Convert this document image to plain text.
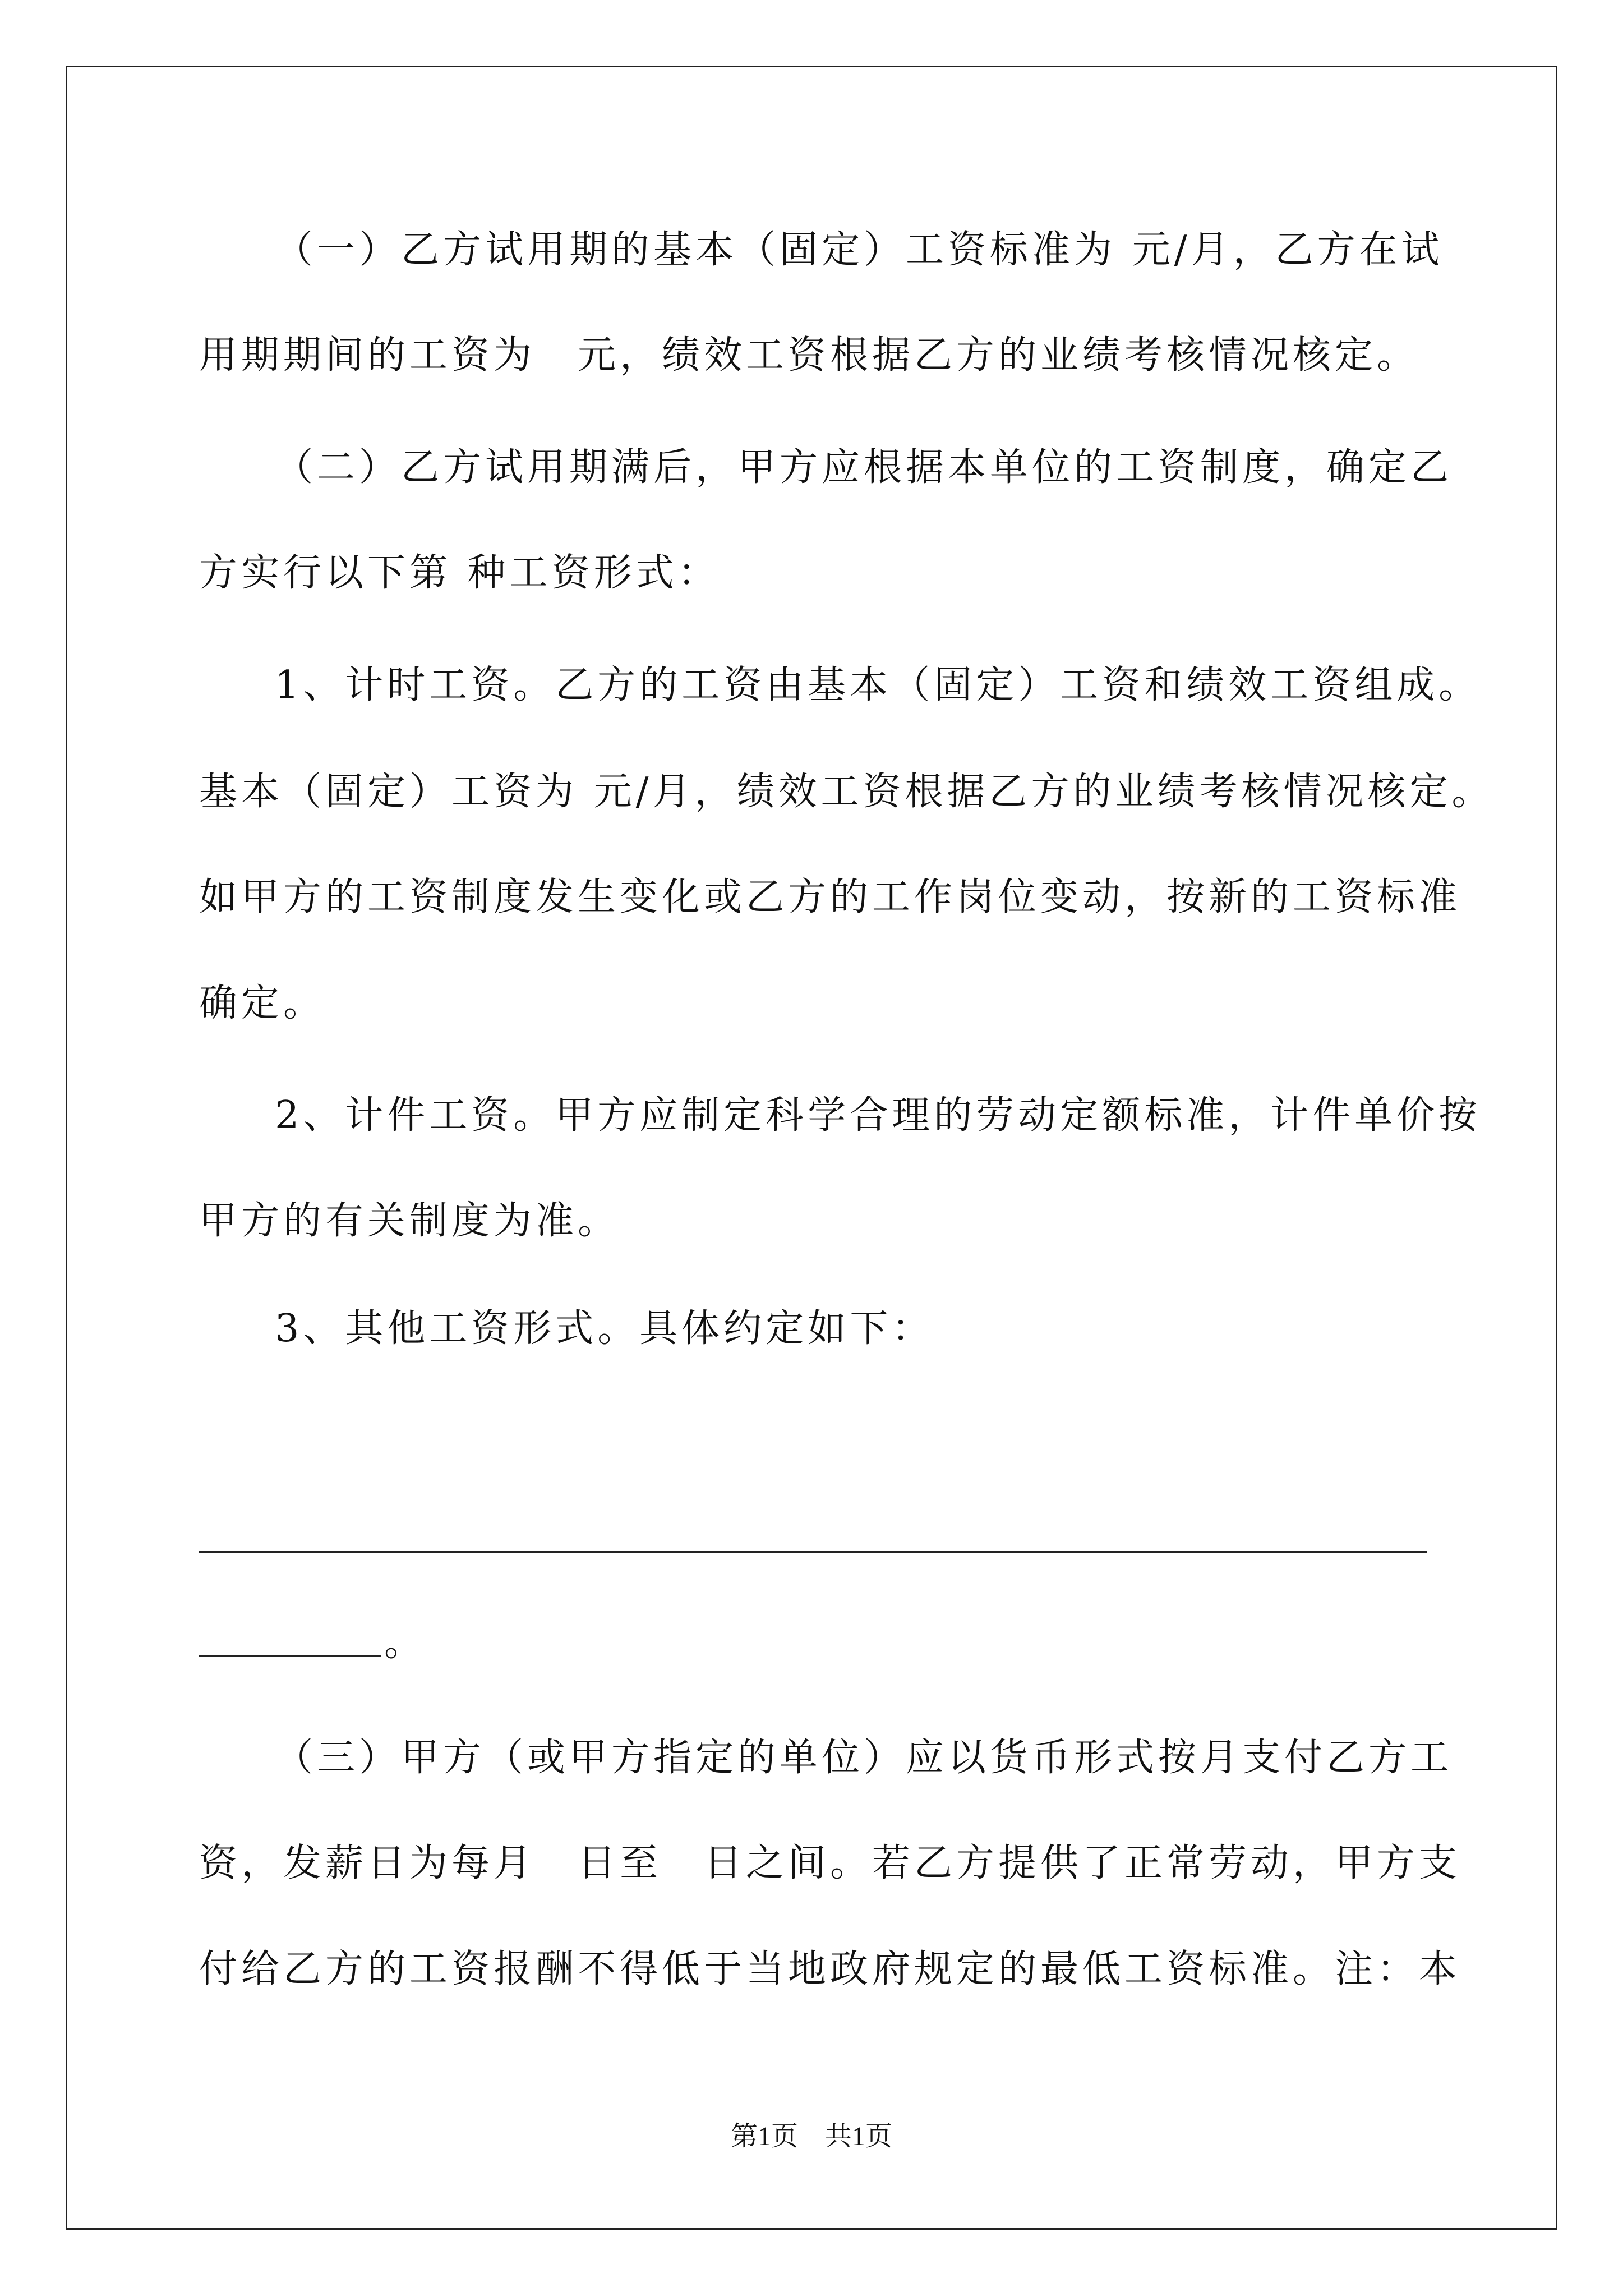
（一）乙方试用期的基本（固定）工资标准为 元/月，乙方在试
用期期间的工资为　元，绩效工资根据乙方的业绩考核情况核定。
（二）乙方试用期满后，甲方应根据本单位的工资制度，确定乙
方实行以下第 种工资形式：
1、计时工资。乙方的工资由基本（固定）工资和绩效工资组成。
基本（固定）工资为 元/月，绩效工资根据乙方的业绩考核情况核定。
如甲方的工资制度发生变化或乙方的工作岗位变动，按新的工资标准
确定。
2、计件工资。甲方应制定科学合理的劳动定额标准，计件单价按
甲方的有关制度为准。
3、其他工资形式。具体约定如下：
。
（三）甲方（或甲方指定的单位）应以货币形式按月支付乙方工
资，发薪日为每月　日至　日之间。若乙方提供了正常劳动，甲方支
付给乙方的工资报酬不得低于当地政府规定的最低工资标准。注：本
第1页　共1页
